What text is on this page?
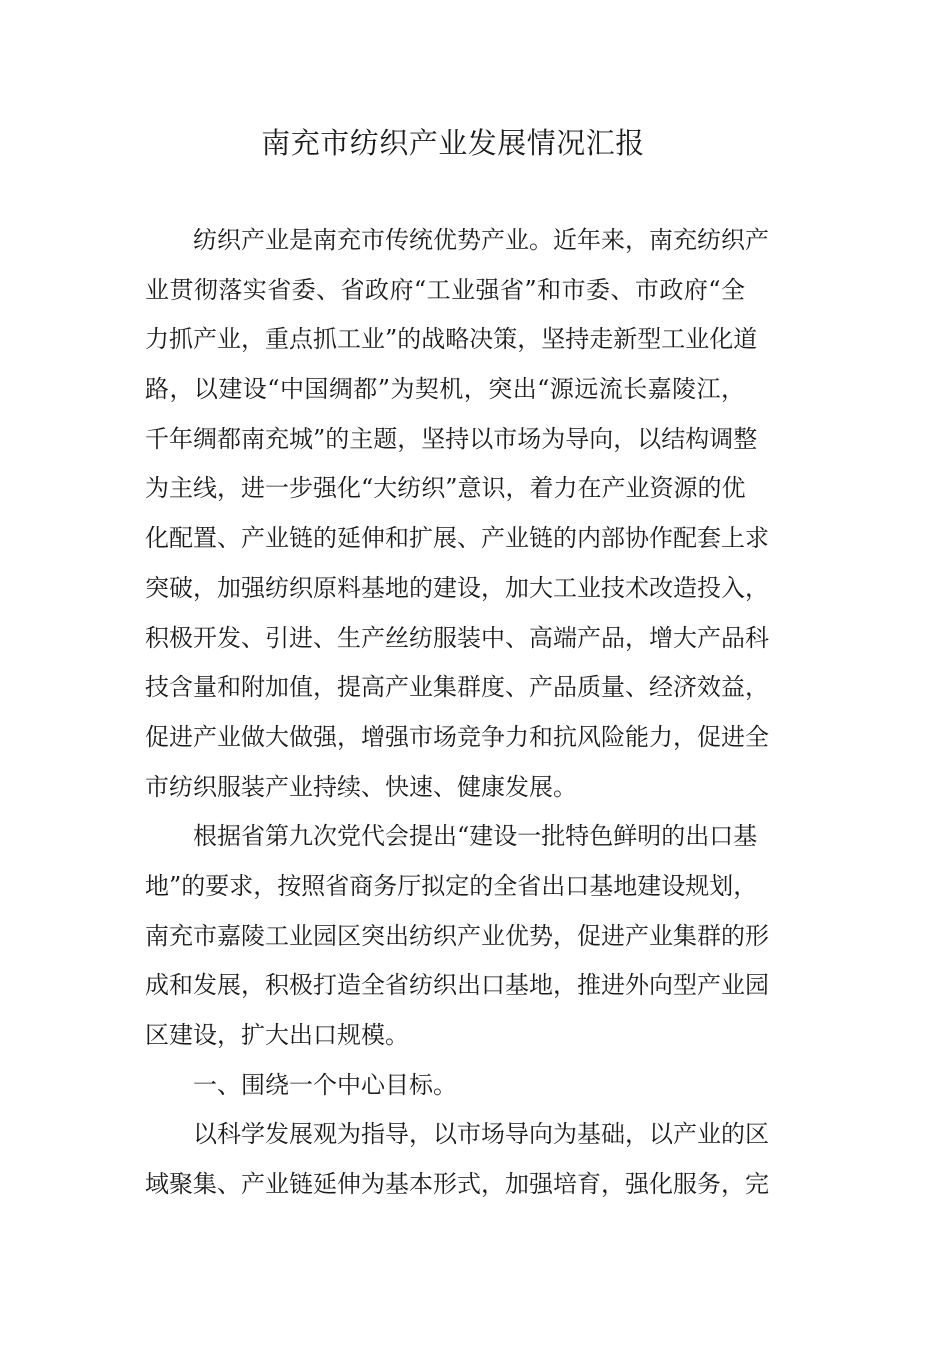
南充市纺织产业发展情况汇报
纺织产业是南充市传统优势产业。近年来，南充纺织产
业贯彻落实省委、省政府“工业强省”和市委、市政府“全
力抓产业，重点抓工业”的战略决策，坚持走新型工业化道
路，以建设“中国绸都”为契机，突出“源远流长嘉陵江，
千年绸都南充城”的主题，坚持以市场为导向，以结构调整
为主线，进一步强化“大纺织”意识，着力在产业资源的优
化配置、产业链的延伸和扩展、产业链的内部协作配套上求
突破，加强纺织原料基地的建设，加大工业技术改造投入，
积极开发、引进、生产丝纺服装中、高端产品，增大产品科
技含量和附加值，提高产业集群度、产品质量、经济效益，
促进产业做大做强，增强市场竞争力和抗风险能力，促进全
市纺织服装产业持续、快速、健康发展。
根据省第九次党代会提出“建设一批特色鲜明的出口基
地”的要求，按照省商务厅拟定的全省出口基地建设规划，
南充市嘉陵工业园区突出纺织产业优势，促进产业集群的形
成和发展，积极打造全省纺织出口基地，推进外向型产业园
区建设，扩大出口规模。
一、围绕一个中心目标。
以科学发展观为指导，以市场导向为基础，以产业的区
域聚集、产业链延伸为基本形式，加强培育，强化服务，完
